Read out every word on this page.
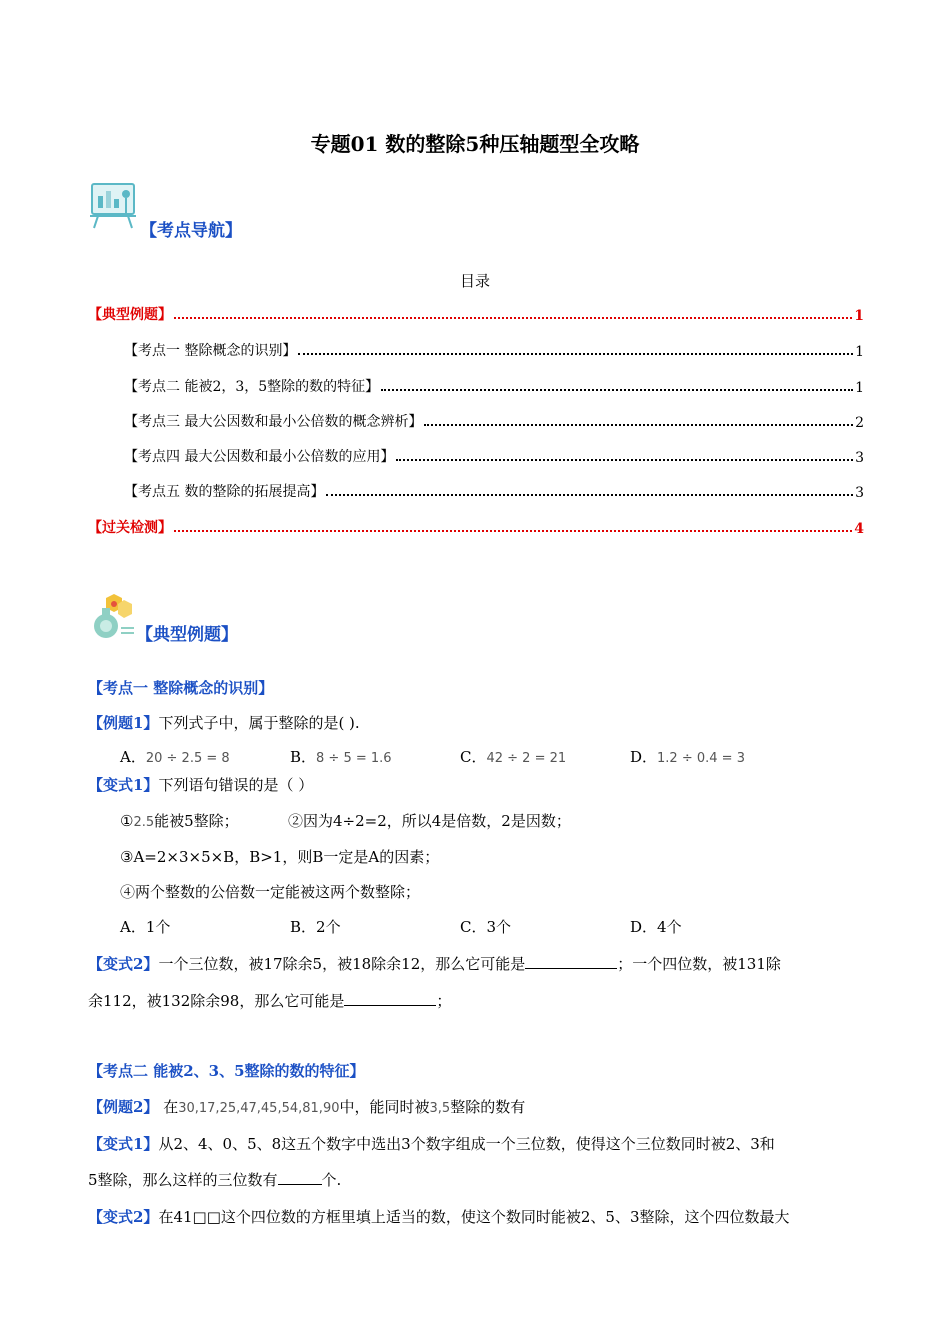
专题01 数的整除5种压轴题型全攻略
【考点导航】
目录
【典型例题】	1
【考点一 整除概念的识别】	1
【考点二 能被2，3，5整除的数的特征】	1
【考点三 最大公因数和最小公倍数的概念辨析】	2
【考点四 最大公因数和最小公倍数的应用】	3
【考点五 数的整除的拓展提高】	3
【过关检测】	4
【典型例题】
【考点一 整除概念的识别】
【例题1】下列式子中，属于整除的是( ).
A．20 ÷ 2.5 = 8	B．8 ÷ 5 = 1.6	C．42 ÷ 2 = 21	D．1.2 ÷ 0.4 = 3
【变式1】下列语句错误的是（ ）
①2.5能被5整除；	②因为4÷2=2，所以4是倍数，2是因数；
③A=2×3×5×B，B>1，则B一定是A的因素；
④两个整数的公倍数一定能被这两个数整除；
A．1个	B．2个	C．3个	D．4个
【变式2】一个三位数，被17除余5，被18除余12，那么它可能是	；一个四位数，被131除
余112，被132除余98，那么它可能是	；
【考点二 能被2、3、5整除的数的特征】
【例题2】 在30,17,25,47,45,54,81,90中，能同时被3,5整除的数有
【变式1】从2、4、0、5、8这五个数字中选出3个数字组成一个三位数，使得这个三位数同时被2、3和
5整除，那么这样的三位数有	个.
【变式2】在41□□这个四位数的方框里填上适当的数，使这个数同时能被2、5、3整除，这个四位数最大
